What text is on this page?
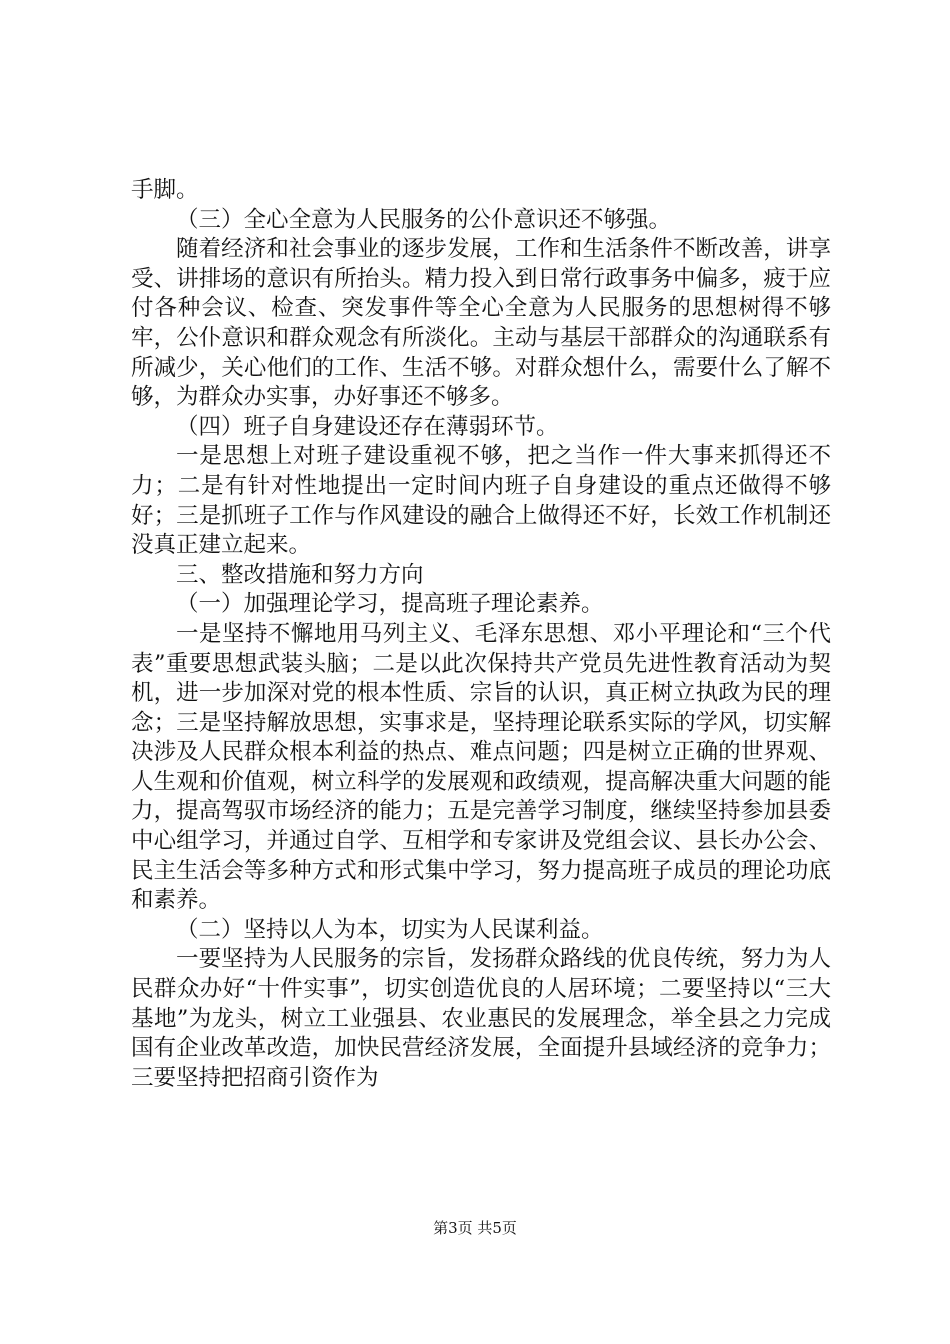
手脚。

（三）全心全意为人民服务的公仆意识还不够强。

随着经济和社会事业的逐步发展，工作和生活条件不断改善，讲享受、讲排场的意识有所抬头。精力投入到日常行政事务中偏多，疲于应付各种会议、检查、突发事件等全心全意为人民服务的思想树得不够牢，公仆意识和群众观念有所淡化。主动与基层干部群众的沟通联系有所减少，关心他们的工作、生活不够。对群众想什么，需要什么了解不够，为群众办实事，办好事还不够多。

（四）班子自身建设还存在薄弱环节。

一是思想上对班子建设重视不够，把之当作一件大事来抓得还不力；二是有针对性地提出一定时间内班子自身建设的重点还做得不够好；三是抓班子工作与作风建设的融合上做得还不好，长效工作机制还没真正建立起来。

三、整改措施和努力方向

（一）加强理论学习，提高班子理论素养。

一是坚持不懈地用马列主义、毛泽东思想、邓小平理论和“三个代表”重要思想武装头脑；二是以此次保持共产党员先进性教育活动为契机，进一步加深对党的根本性质、宗旨的认识，真正树立执政为民的理念；三是坚持解放思想，实事求是，坚持理论联系实际的学风，切实解决涉及人民群众根本利益的热点、难点问题；四是树立正确的世界观、人生观和价值观，树立科学的发展观和政绩观，提高解决重大问题的能力，提高驾驭市场经济的能力；五是完善学习制度，继续坚持参加县委中心组学习，并通过自学、互相学和专家讲及党组会议、县长办公会、民主生活会等多种方式和形式集中学习，努力提高班子成员的理论功底和素养。

（二）坚持以人为本，切实为人民谋利益。

一要坚持为人民服务的宗旨，发扬群众路线的优良传统，努力为人民群众办好“十件实事”，切实创造优良的人居环境；二要坚持以“三大基地”为龙头，树立工业强县、农业惠民的发展理念，举全县之力完成国有企业改革改造，加快民营经济发展，全面提升县域经济的竞争力；三要坚持把招商引资作为

第3页 共5页
